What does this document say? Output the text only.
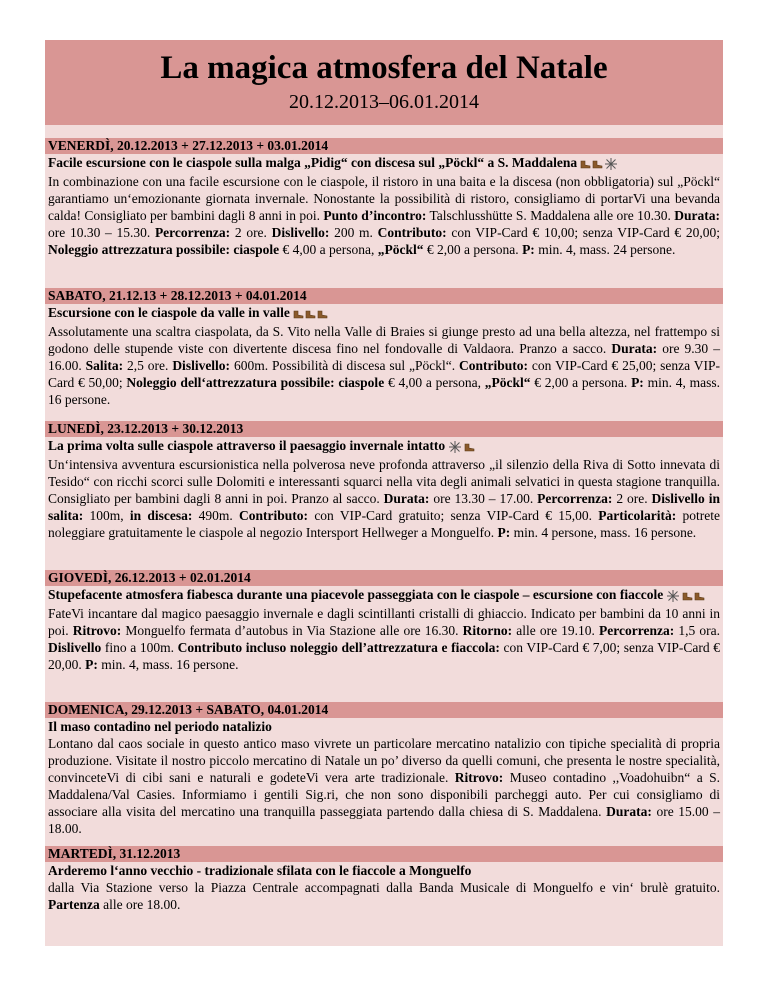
La magica atmosfera del Natale
20.12.2013–06.01.2014
VENERDÌ, 20.12.2013 + 27.12.2013 + 03.01.2014
Facile escursione con le ciaspole sulla malga „Pidig“ con discesa sul „Pöckl“ a S. Maddalena
In combinazione con una facile escursione con le ciaspole, il ristoro in una baita e la discesa (non obbligatoria) sul „Pöckl“ garantiamo un‘emozionante giornata invernale. Nonostante la possibilità di ristoro, consigliamo di portarVi una bevanda calda! Consigliato per bambini dagli 8 anni in poi. Punto d’incontro: Talschlusshütte S. Maddalena alle ore 10.30. Durata: ore 10.30 – 15.30. Percorrenza: 2 ore. Dislivello: 200 m. Contributo: con VIP-Card € 10,00; senza VIP-Card € 20,00; Noleggio attrezzatura possibile: ciaspole € 4,00 a persona, „Pöckl“ € 2,00 a persona. P: min. 4, mass. 24 persone.
SABATO, 21.12.13 + 28.12.2013 + 04.01.2014
Escursione con le ciaspole da valle in valle
Assolutamente una scaltra ciaspolata, da S. Vito nella Valle di Braies si giunge presto ad una bella altezza, nel frattempo si godono delle stupende viste con divertente discesa fino nel fondovalle di Valdaora. Pranzo a sacco. Durata: ore 9.30 – 16.00. Salita: 2,5 ore. Dislivello: 600m. Possibilità di discesa sul „Pöckl“. Contributo: con VIP-Card € 25,00; senza VIP-Card € 50,00; Noleggio dell‘attrezzatura possibile: ciaspole € 4,00 a persona, „Pöckl“ € 2,00 a persona. P: min. 4, mass. 16 persone.
LUNEDÌ, 23.12.2013 + 30.12.2013
La prima volta sulle ciaspole attraverso il paesaggio invernale intatto
Un‘intensiva avventura escursionistica nella polverosa neve profonda attraverso „il silenzio della Riva di Sotto innevata di Tesido“ con ricchi scorci sulle Dolomiti e interessanti squarci nella vita degli animali selvatici in questa stagione tranquilla. Consigliato per bambini dagli 8 anni in poi. Pranzo al sacco. Durata: ore 13.30 – 17.00. Percorrenza: 2 ore. Dislivello in salita: 100m, in discesa: 490m. Contributo: con VIP-Card gratuito; senza VIP-Card € 15,00. Particolarità: potrete noleggiare gratuitamente le ciaspole al negozio Intersport Hellweger a Monguelfo. P: min. 4 persone, mass. 16 persone.
GIOVEDÌ, 26.12.2013 + 02.01.2014
Stupefacente atmosfera fiabesca durante una piacevole passeggiata con le ciaspole – escursione con fiaccole
FateVi incantare dal magico paesaggio invernale e dagli scintillanti cristalli di ghiaccio. Indicato per bambini da 10 anni in poi. Ritrovo: Monguelfo fermata d’autobus in Via Stazione alle ore 16.30. Ritorno: alle ore 19.10. Percorrenza: 1,5 ora. Dislivello fino a 100m. Contributo incluso noleggio dell’attrezzatura e fiaccola: con VIP-Card € 7,00; senza VIP-Card € 20,00. P: min. 4, mass. 16 persone.
DOMENICA, 29.12.2013 + SABATO, 04.01.2014
Il maso contadino nel periodo natalizio
Lontano dal caos sociale in questo antico maso vivrete un particolare mercatino natalizio con tipiche specialità di propria produzione. Visitate il nostro piccolo mercatino di Natale un po’ diverso da quelli comuni, che presenta le nostre specialità, convinceteVi di cibi sani e naturali e godeteVi vera arte tradizionale. Ritrovo: Museo contadino ,,Voadohuibn“ a S. Maddalena/Val Casies. Informiamo i gentili Sig.ri, che non sono disponibili parcheggi auto. Per cui consigliamo di associare alla visita del mercatino una tranquilla passeggiata partendo dalla chiesa di S. Maddalena. Durata: ore 15.00 – 18.00.
MARTEDÌ, 31.12.2013
Arderemo l‘anno vecchio - tradizionale sfilata con le fiaccole a Monguelfo
dalla Via Stazione verso la Piazza Centrale accompagnati dalla Banda Musicale di Monguelfo e vin‘ brulè gratuito. Partenza alle ore 18.00.
